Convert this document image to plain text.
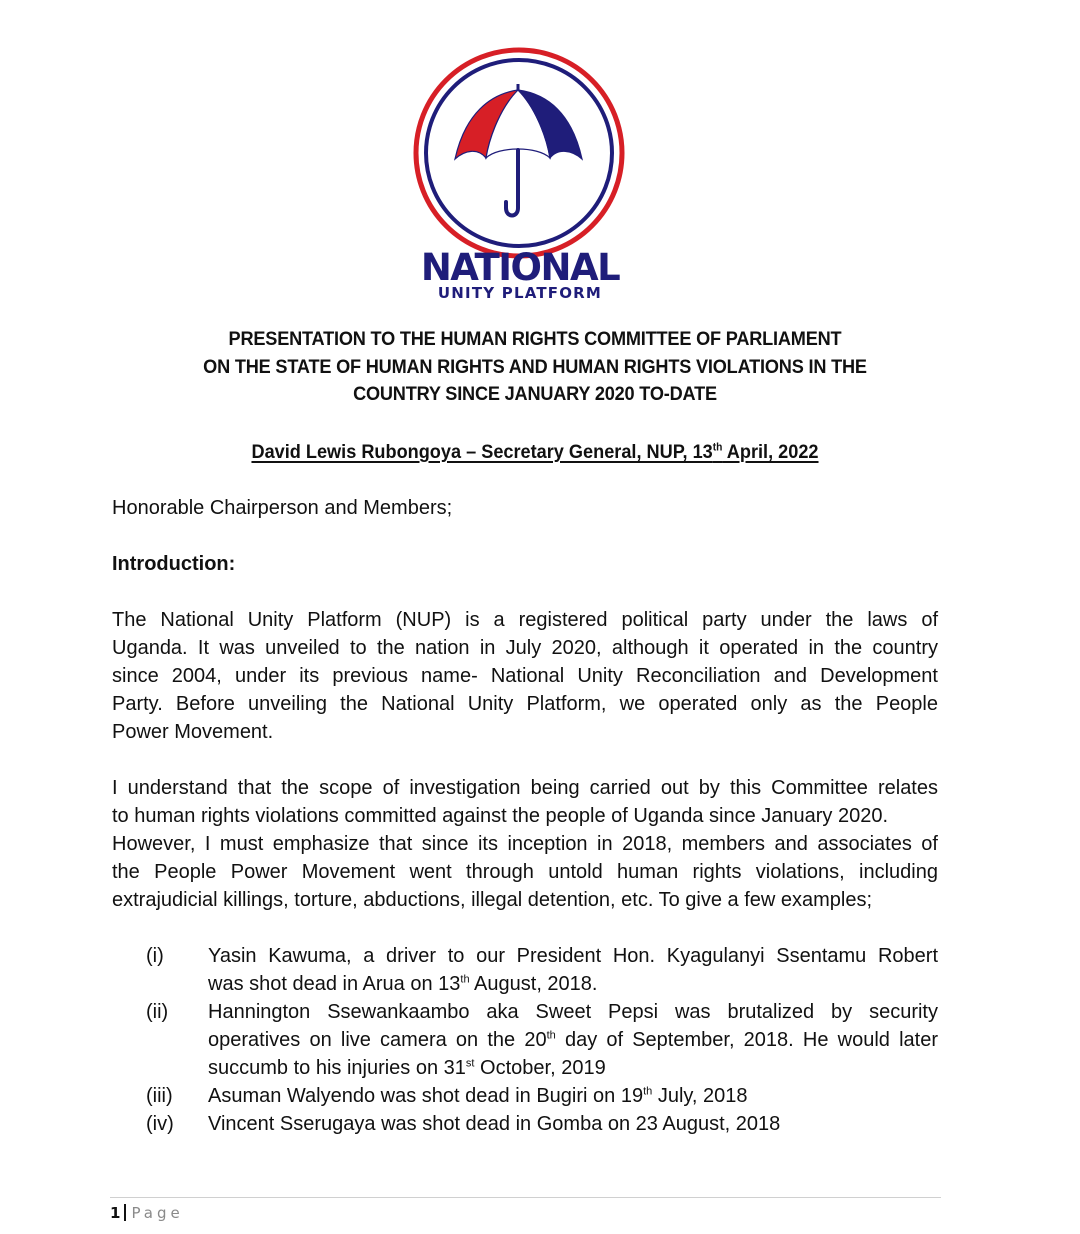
NATIONAL
UNITY PLATFORM
PRESENTATION TO THE HUMAN RIGHTS COMMITTEE OF PARLIAMENT
ON THE STATE OF HUMAN RIGHTS AND HUMAN RIGHTS VIOLATIONS IN THE
COUNTRY SINCE JANUARY 2020 TO-DATE
David Lewis Rubongoya – Secretary General, NUP, 13th April, 2022
Honorable Chairperson and Members;
Introduction:
The National Unity Platform (NUP) is a registered political party under the laws of
Uganda. It was unveiled to the nation in July 2020, although it operated in the country
since 2004, under its previous name- National Unity Reconciliation and Development
Party. Before unveiling the National Unity Platform, we operated only as the People
Power Movement.
I understand that the scope of investigation being carried out by this Committee relates
to human rights violations committed against the people of Uganda since January 2020.
However, I must emphasize that since its inception in 2018, members and associates of
the People Power Movement went through untold human rights violations, including
extrajudicial killings, torture, abductions, illegal detention, etc. To give a few examples;
(i) Yasin Kawuma, a driver to our President Hon. Kyagulanyi Ssentamu Robert
was shot dead in Arua on 13th August, 2018.
(ii) Hannington Ssewankaambo aka Sweet Pepsi was brutalized by security
operatives on live camera on the 20th day of September, 2018. He would later
succumb to his injuries on 31st October, 2019
(iii) Asuman Walyendo was shot dead in Bugiri on 19th July, 2018
(iv) Vincent Sserugaya was shot dead in Gomba on 23 August, 2018
1 Page
